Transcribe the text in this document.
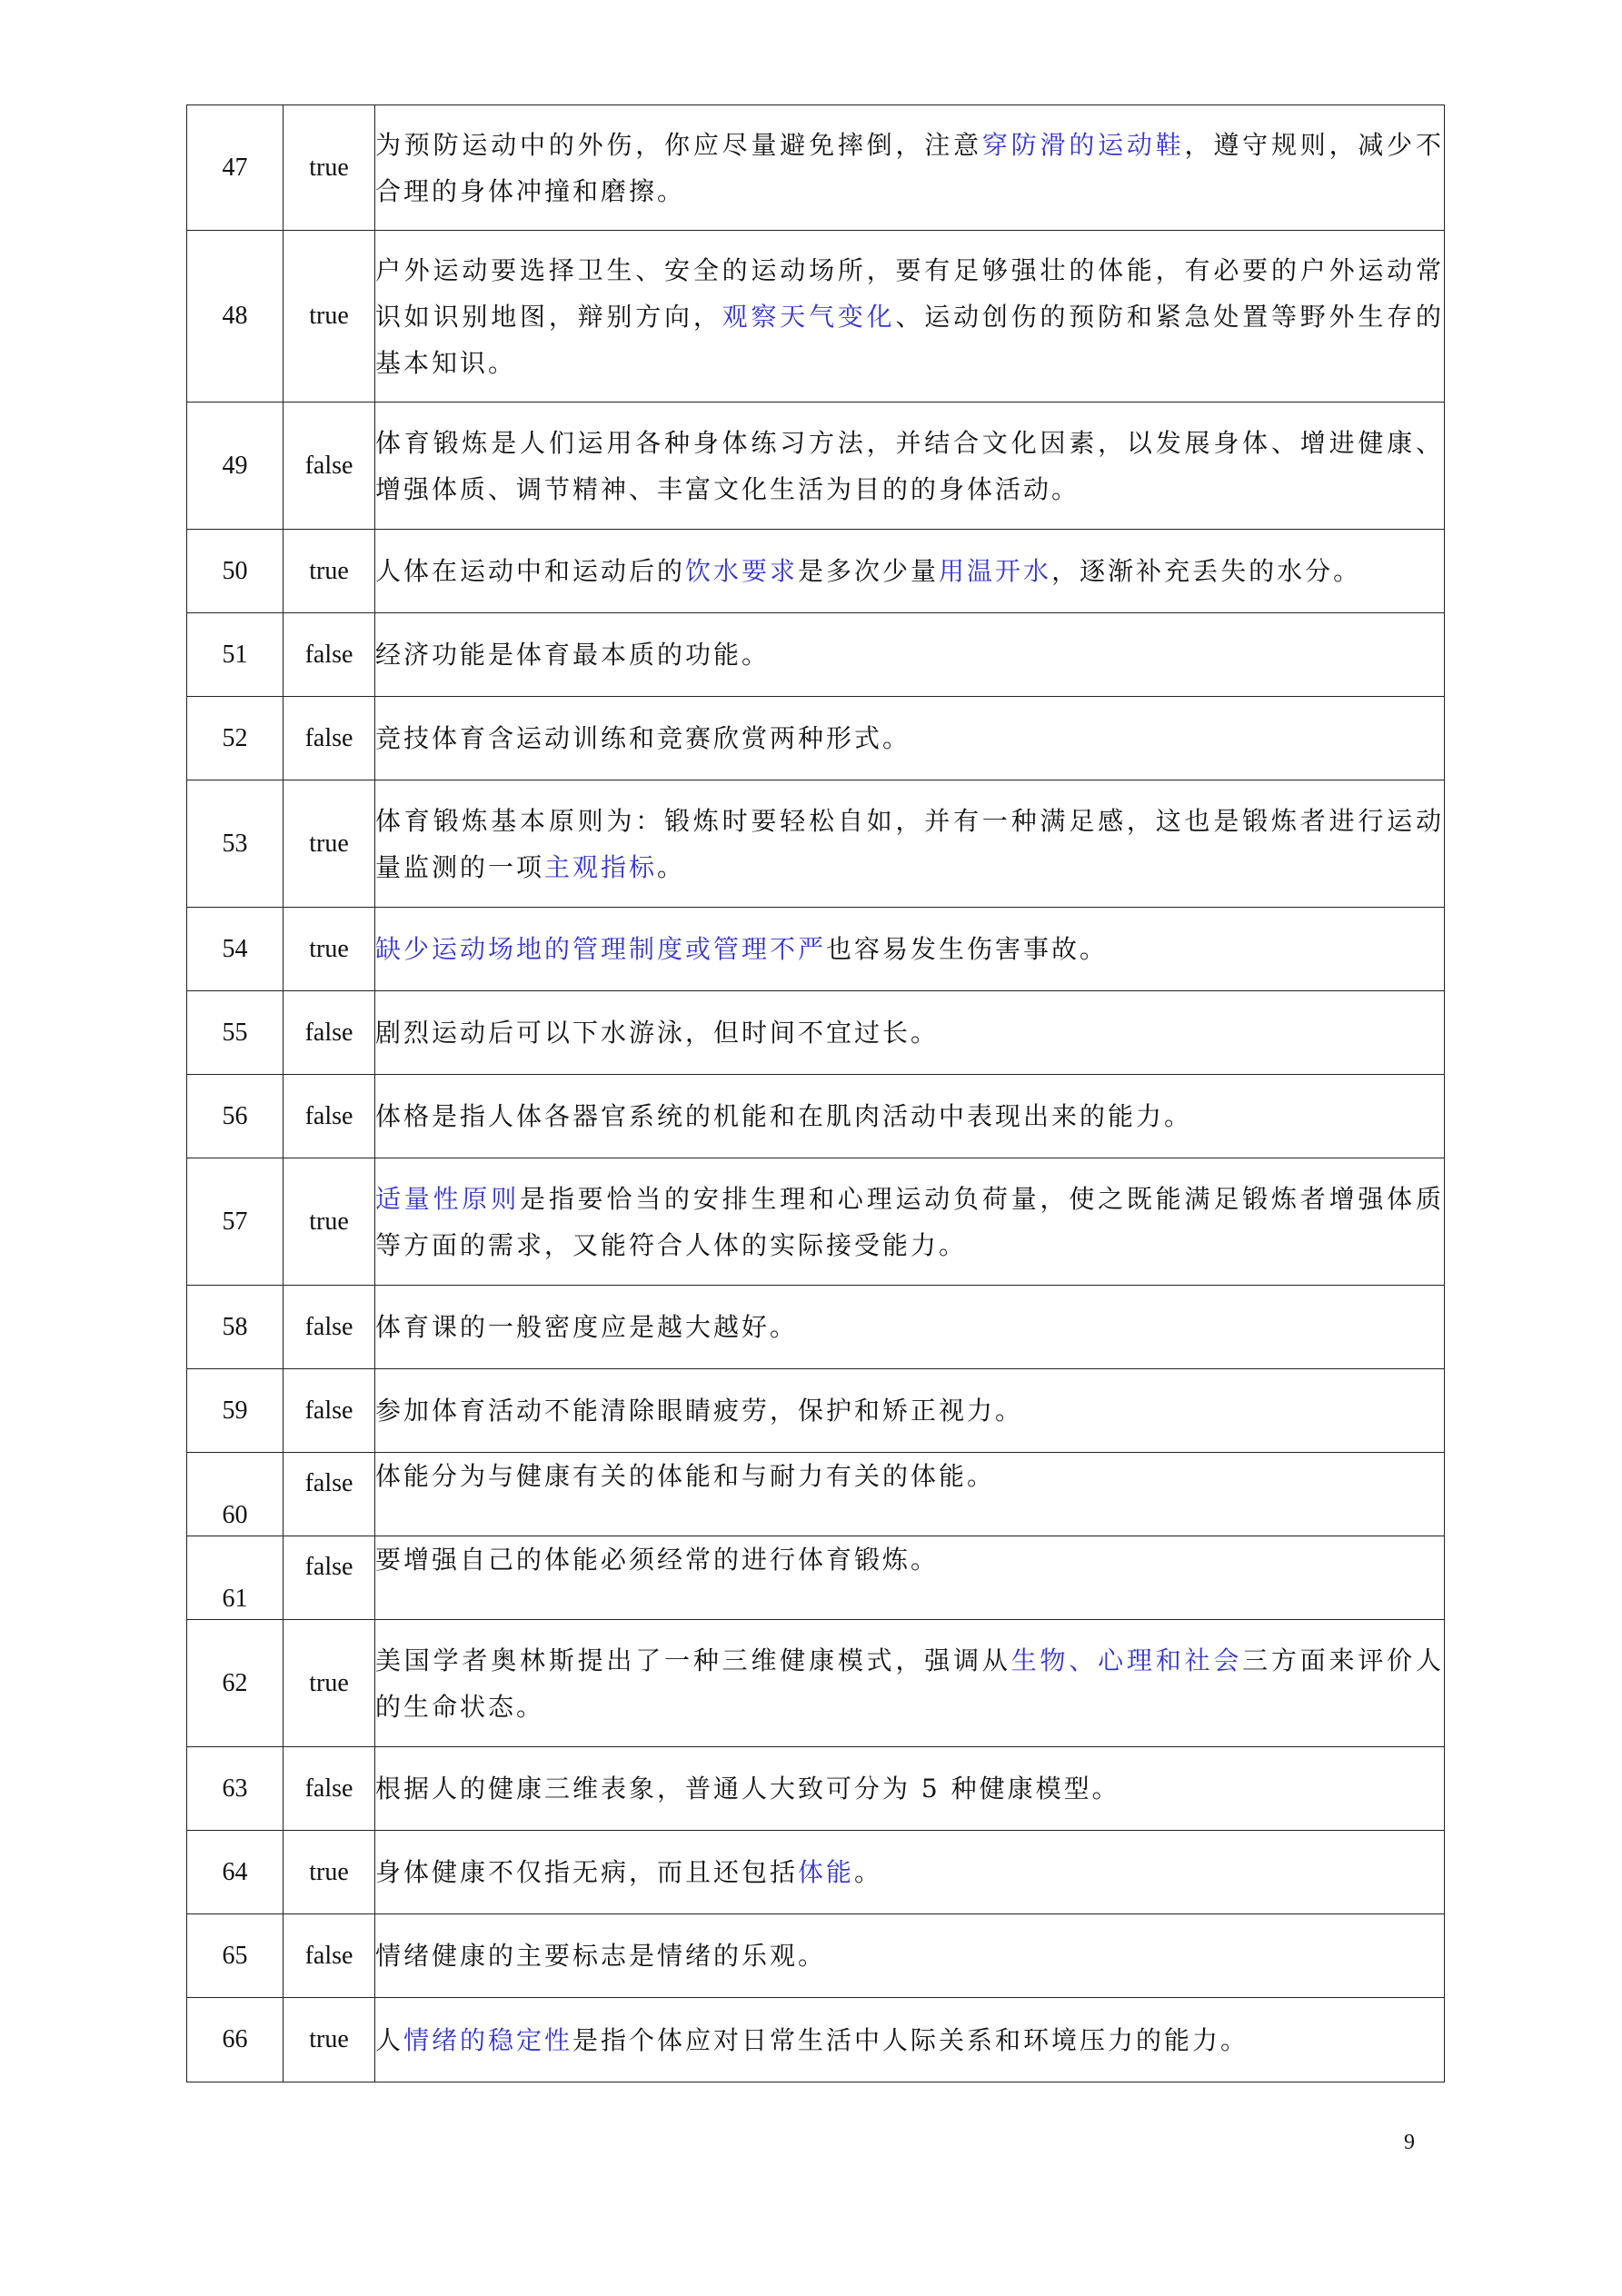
47	true	为预防运动中的外伤，你应尽量避免摔倒，注意穿防滑的运动鞋，遵守规则，减少不合理的身体冲撞和磨擦。
48	true	户外运动要选择卫生、安全的运动场所，要有足够强壮的体能，有必要的户外运动常识如识别地图，辩别方向，观察天气变化、运动创伤的预防和紧急处置等野外生存的基本知识。
49	false	体育锻炼是人们运用各种身体练习方法，并结合文化因素，以发展身体、增进健康、增强体质、调节精神、丰富文化生活为目的的身体活动。
50	true	人体在运动中和运动后的饮水要求是多次少量用温开水，逐渐补充丢失的水分。
51	false	经济功能是体育最本质的功能。
52	false	竞技体育含运动训练和竞赛欣赏两种形式。
53	true	体育锻炼基本原则为：锻炼时要轻松自如，并有一种满足感，这也是锻炼者进行运动量监测的一项主观指标。
54	true	缺少运动场地的管理制度或管理不严也容易发生伤害事故。
55	false	剧烈运动后可以下水游泳，但时间不宜过长。
56	false	体格是指人体各器官系统的机能和在肌肉活动中表现出来的能力。
57	true	适量性原则是指要恰当的安排生理和心理运动负荷量，使之既能满足锻炼者增强体质等方面的需求，又能符合人体的实际接受能力。
58	false	体育课的一般密度应是越大越好。
59	false	参加体育活动不能清除眼睛疲劳，保护和矫正视力。
60	false	体能分为与健康有关的体能和与耐力有关的体能。
61	false	要增强自己的体能必须经常的进行体育锻炼。
62	true	美国学者奥林斯提出了一种三维健康模式，强调从生物、心理和社会三方面来评价人的生命状态。
63	false	根据人的健康三维表象，普通人大致可分为 5 种健康模型。
64	true	身体健康不仅指无病，而且还包括体能。
65	false	情绪健康的主要标志是情绪的乐观。
66	true	人情绪的稳定性是指个体应对日常生活中人际关系和环境压力的能力。
9
